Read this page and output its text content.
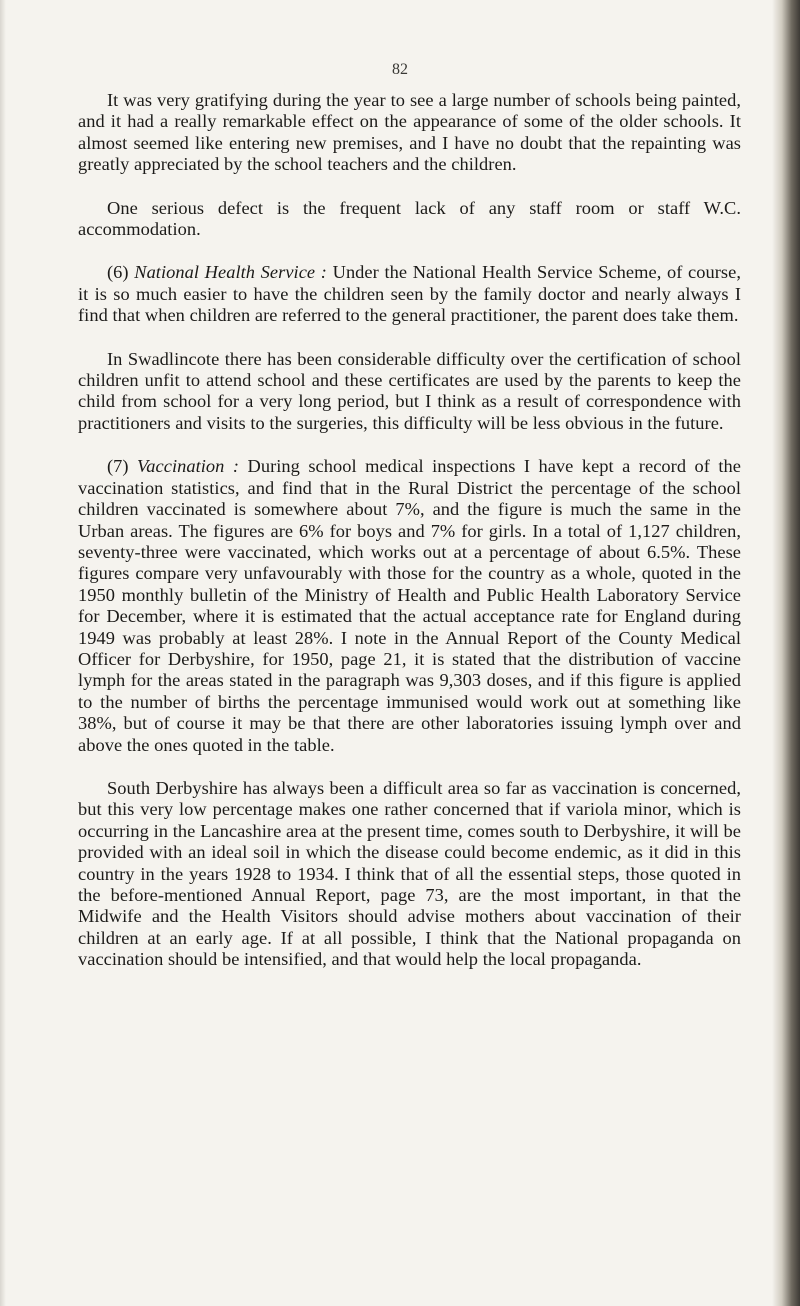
82

It was very gratifying during the year to see a large number of schools being painted, and it had a really remarkable effect on the appearance of some of the older schools. It almost seemed like entering new premises, and I have no doubt that the repainting was greatly appreciated by the school teachers and the children.

One serious defect is the frequent lack of any staff room or staff W.C. accommodation.

(6) National Health Service : Under the National Health Service Scheme, of course, it is so much easier to have the children seen by the family doctor and nearly always I find that when children are referred to the general practitioner, the parent does take them.

In Swadlincote there has been considerable difficulty over the certification of school children unfit to attend school and these certificates are used by the parents to keep the child from school for a very long period, but I think as a result of correspondence with practitioners and visits to the surgeries, this difficulty will be less obvious in the future.

(7) Vaccination : During school medical inspections I have kept a record of the vaccination statistics, and find that in the Rural District the percentage of the school children vaccinated is somewhere about 7%, and the figure is much the same in the Urban areas. The figures are 6% for boys and 7% for girls. In a total of 1,127 children, seventy-three were vaccinated, which works out at a percentage of about 6.5%. These figures compare very unfavourably with those for the country as a whole, quoted in the 1950 monthly bulletin of the Ministry of Health and Public Health Laboratory Service for December, where it is estimated that the actual acceptance rate for England during 1949 was probably at least 28%. I note in the Annual Report of the County Medical Officer for Derbyshire, for 1950, page 21, it is stated that the distribution of vaccine lymph for the areas stated in the paragraph was 9,303 doses, and if this figure is applied to the number of births the percentage immunised would work out at something like 38%, but of course it may be that there are other laboratories issuing lymph over and above the ones quoted in the table.

South Derbyshire has always been a difficult area so far as vaccination is concerned, but this very low percentage makes one rather concerned that if variola minor, which is occurring in the Lancashire area at the present time, comes south to Derbyshire, it will be provided with an ideal soil in which the disease could become endemic, as it did in this country in the years 1928 to 1934. I think that of all the essential steps, those quoted in the before-mentioned Annual Report, page 73, are the most important, in that the Midwife and the Health Visitors should advise mothers about vaccination of their children at an early age. If at all possible, I think that the National propaganda on vaccination should be intensified, and that would help the local propaganda.
